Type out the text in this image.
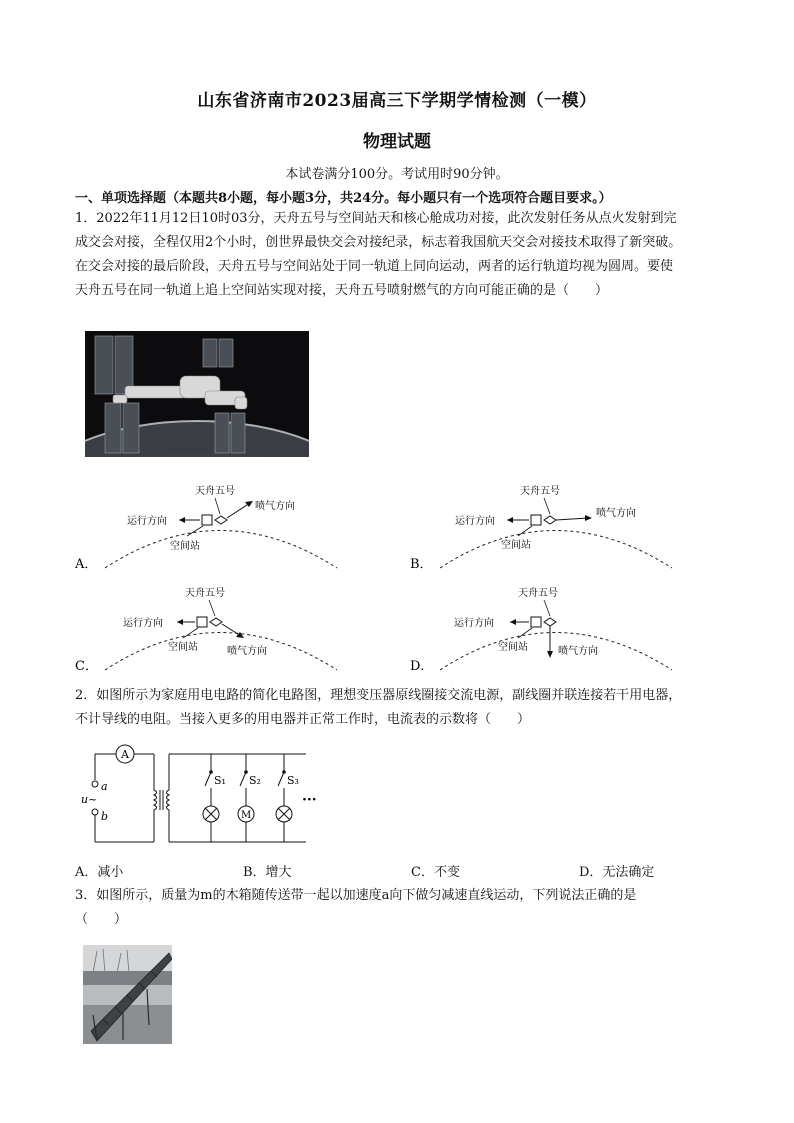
山东省济南市2023届高三下学期学情检测（一模）
物理试题
本试卷满分100分。考试用时90分钟。
一、单项选择题（本题共8小题，每小题3分，共24分。每小题只有一个选项符合题目要求。）
1．2022年11月12日10时03分，天舟五号与空间站天和核心舱成功对接，此次发射任务从点火发射到完
成交会对接，全程仅用2个小时，创世界最快交会对接纪录，标志着我国航天交会对接技术取得了新突破。
在交会对接的最后阶段，天舟五号与空间站处于同一轨道上同向运动，两者的运行轨道均视为圆周。要使
天舟五号在同一轨道上追上空间站实现对接，天舟五号喷射燃气的方向可能正确的是（　　）
天舟五号
运行方向
空间站
喷气方向
A．
天舟五号
运行方向
空间站
喷气方向
B．
天舟五号
运行方向
空间站	喷气方向
C．
天舟五号
运行方向
空间站	喷气方向
D．
2．如图所示为家庭用电电路的简化电路图，理想变压器原线圈接交流电源，副线圈并联连接若干用电器，
不计导线的电阻。当接入更多的用电器并正常工作时，电流表的示数将（　　）
A
a
u~
b
S₁ S₂ S₃
M
···
A．减小	B．增大	C．不变	D．无法确定
3．如图所示，质量为m的木箱随传送带一起以加速度a向下做匀减速直线运动，下列说法正确的是
（　　）
